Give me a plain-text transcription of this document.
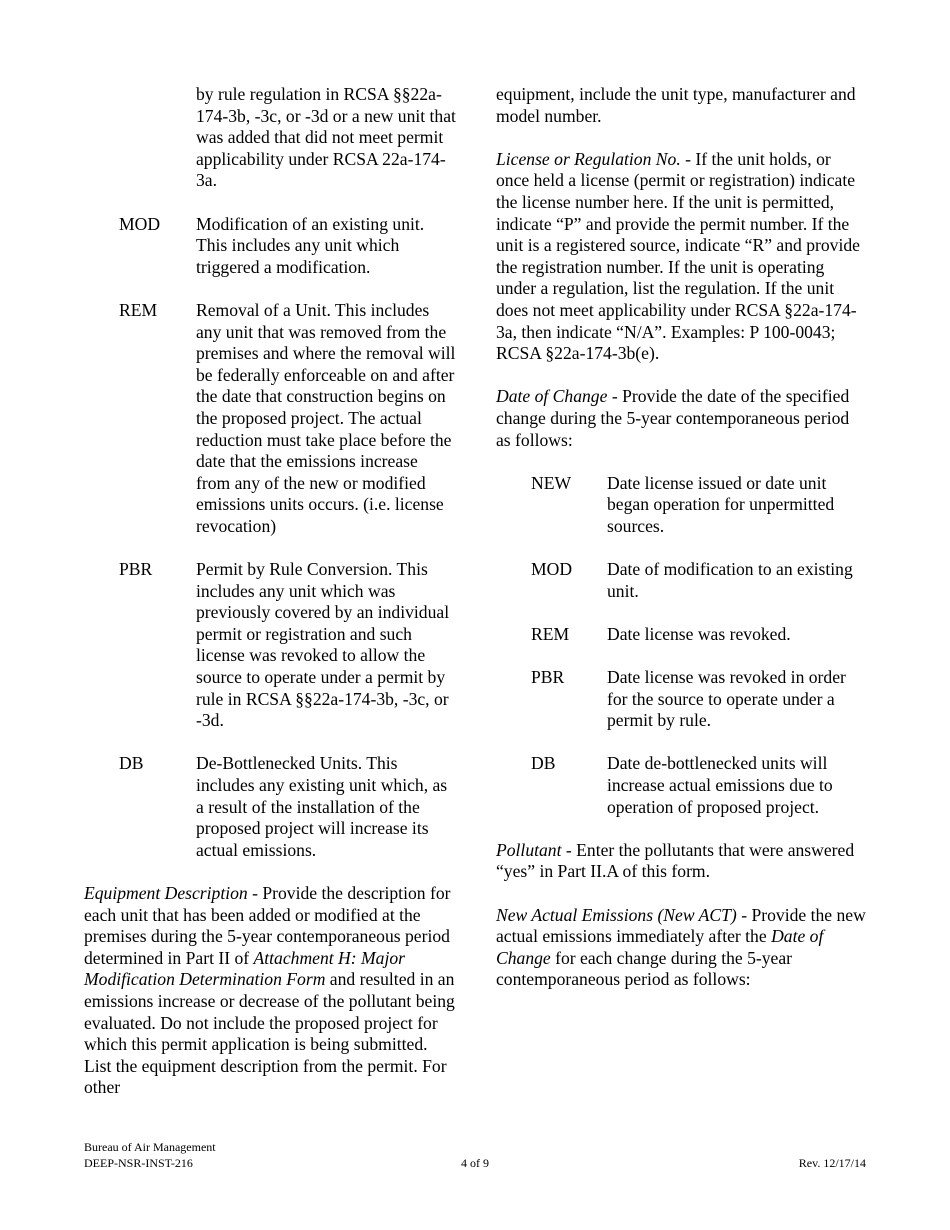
by rule regulation in RCSA §§22a-174-3b, -3c, or -3d or a new unit that was added that did not meet permit applicability under RCSA 22a-174-3a.

MOD	Modification of an existing unit. This includes any unit which triggered a modification.
REM	Removal of a Unit. This includes any unit that was removed from the premises and where the removal will be federally enforceable on and after the date that construction begins on the proposed project. The actual reduction must take place before the date that the emissions increase from any of the new or modified emissions units occurs. (i.e. license revocation)
PBR	Permit by Rule Conversion. This includes any unit which was previously covered by an individual permit or registration and such license was revoked to allow the source to operate under a permit by rule in RCSA §§22a-174-3b, -3c, or -3d.
DB	De-Bottlenecked Units. This includes any existing unit which, as a result of the installation of the proposed project will increase its actual emissions.

Equipment Description - Provide the description for each unit that has been added or modified at the premises during the 5-year contemporaneous period determined in Part II of Attachment H: Major Modification Determination Form and resulted in an emissions increase or decrease of the pollutant being evaluated. Do not include the proposed project for which this permit application is being submitted. List the equipment description from the permit. For other

equipment, include the unit type, manufacturer and model number.

License or Regulation No. - If the unit holds, or once held a license (permit or registration) indicate the license number here. If the unit is permitted, indicate “P” and provide the permit number. If the unit is a registered source, indicate “R” and provide the registration number. If the unit is operating under a regulation, list the regulation. If the unit does not meet applicability under RCSA §22a-174-3a, then indicate “N/A”. Examples: P 100-0043; RCSA §22a-174-3b(e).

Date of Change - Provide the date of the specified change during the 5-year contemporaneous period as follows:

NEW	Date license issued or date unit began operation for unpermitted sources.
MOD	Date of modification to an existing unit.
REM	Date license was revoked.
PBR	Date license was revoked in order for the source to operate under a permit by rule.
DB	Date de-bottlenecked units will increase actual emissions due to operation of proposed project.

Pollutant - Enter the pollutants that were answered “yes” in Part II.A of this form.

New Actual Emissions (New ACT) - Provide the new actual emissions immediately after the Date of Change for each change during the 5-year contemporaneous period as follows:

Bureau of Air Management
DEEP-NSR-INST-216	Rev. 12/17/14
4 of 9
